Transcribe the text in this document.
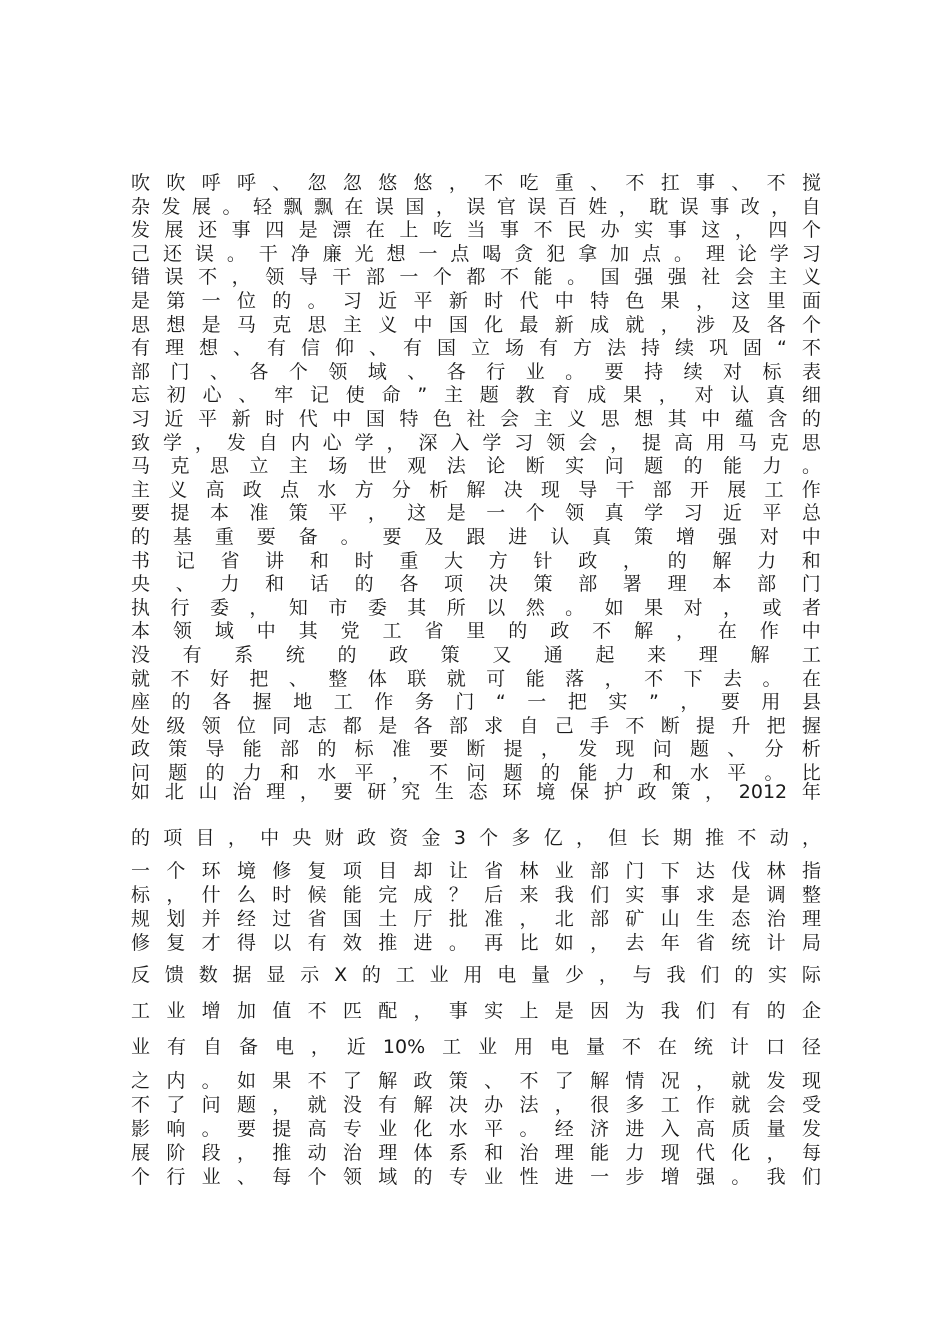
吹 吹 呼 呼 、 忽 忽 悠 悠 ， 不 吃 重 、 不 扛 事 、 不 搅
杂 发 展 。 轻 飘 飘 在 误 国 ， 误 官 误 百 姓 ， 耽 误 事 改 ， 自
发 展 还 事 四 是 漂 在 上 吃 当 事 不 民 办 实 事 这 ， 四 个
己 还 误 。 干 净 廉 光 想 一 点 喝 贪 犯 拿 加 点 。 理 论 学 习
错 误 不 ， 领 导 干 部 一 个 都 不 能 。 国 强 强 社 会 主 义
是 第 一 位 的 。 习 近 平 新 时 代 中 特 色 果 ， 这 里 面
思 想 是 马 克 思 主 义 中 国 化 最 新 成 就 ， 涉 及 各 个
有 理 想 、 有 信 仰 、 有 国 立 场 有 方 法 持 续 巩 固 “ 不
部 门 、 各 个 领 域 、 各 行 业 。 要 持 续 对 标 表
忘 初 心 、 牢 记 使 命 ” 主 题 教 育 成 果 ， 对 认 真 细
习 近 平 新 时 代 中 国 特 色 社 会 主 义 思 想 其 中 蕴 含 的
致 学 ， 发 自 内 心 学 ， 深 入 学 习 领 会 ， 提 高 用 马 克 思
马 克 思 立 主 场 世 观 法 论 断 实 问 题 的 能 力 。
主 义 高 政 点 水 方 分 析 解 决 现 导 干 部 开 展 工 作
要 提 本 准 策 平 ， 这 是 一 个 领 真 学 习 近 平 总
的 基 重 要 备 。 要 及 跟 进 认 真 策 增 强 对 中
书 记 省 讲 和 时 重 大 方 针 政 ， 的 解 力 和
央 、 力 和 话 的 各 项 决 策 部 署 理 本 部 门
执 行 委 ， 知 市 委 其 所 以 然 。 如 果 对 ， 或 者
本 领 域 中 其 党 工 省 里 的 政 不 解 ， 在 作 中
没 有 系 统 的 政 策 又 通 起 来 理 解 工
就 不 好 把 、 整 体 联 就 可 能 落 ， 不 下 去 。 在
座 的 各 握 地 工 作 务 门 “ 一 把 实 ” ， 要 用 县
处 级 领 位 同 志 都 是 各 部 求 自 己 手 不 断 提 升 把 握
政 策 导 能 部 的 标 准 要 断 提 ， 发 现 问 题 、 分 析
问 题 的 力 和 水 平 ， 不 问 题 的 能 力 和 水 平 。 比
如 北 山 治 理 ， 要 研 究 生 态 环 境 保 护 政 策 ， 2012 年
的 项 目 ， 中 央 财 政 资 金 3 个 多 亿 ， 但 长 期 推 不 动 ，
一 个 环 境 修 复 项 目 却 让 省 林 业 部 门 下 达 伐 林 指
标 ， 什 么 时 候 能 完 成 ？ 后 来 我 们 实 事 求 是 调 整
规 划 并 经 过 省 国 土 厅 批 准 ， 北 部 矿 山 生 态 治 理
修 复 才 得 以 有 效 推 进 。 再 比 如 ， 去 年 省 统 计 局
反 馈 数 据 显 示 X 的 工 业 用 电 量 少 ， 与 我 们 的 实 际
工 业 增 加 值 不 匹 配 ， 事 实 上 是 因 为 我 们 有 的 企
业 有 自 备 电 ， 近 10% 工 业 用 电 量 不 在 统 计 口 径
之 内 。 如 果 不 了 解 政 策 、 不 了 解 情 况 ， 就 发 现
不 了 问 题 ， 就 没 有 解 决 办 法 ， 很 多 工 作 就 会 受
影 响 。 要 提 高 专 业 化 水 平 。 经 济 进 入 高 质 量 发
展 阶 段 ， 推 动 治 理 体 系 和 治 理 能 力 现 代 化 ， 每
个 行 业 、 每 个 领 域 的 专 业 性 进 一 步 增 强 。 我 们
